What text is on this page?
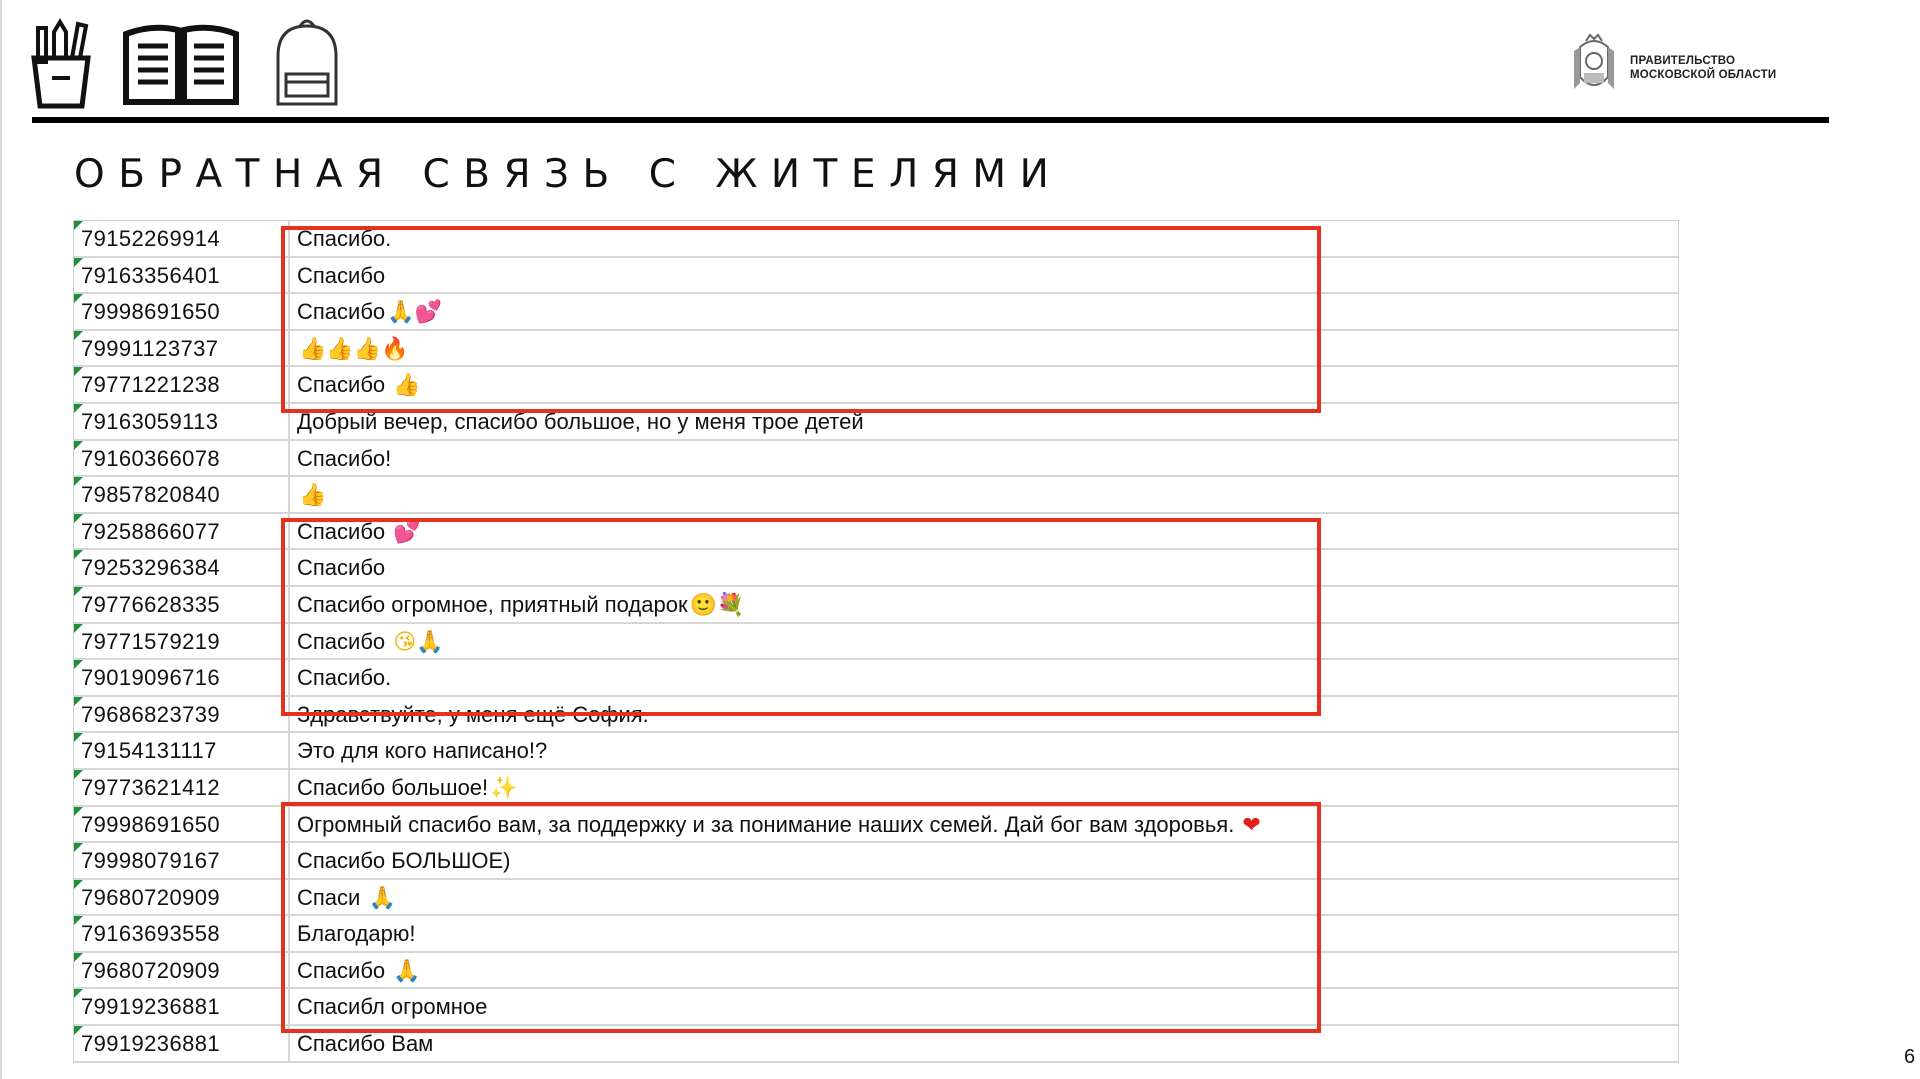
ПРАВИТЕЛЬСТВО
МОСКОВСКОЙ ОБЛАСТИ
ОБРАТНАЯ СВЯЗЬ С ЖИТЕЛЯМИ
79152269914	Спасибо.
79163356401	Спасибо
79998691650	Спасибо🙏💕
79991123737	👍👍👍🔥
79771221238	Спасибо 👍
79163059113	Добрый вечер, спасибо большое, но у меня трое детей
79160366078	Спасибо!
79857820840	👍
79258866077	Спасибо 💕
79253296384	Спасибо
79776628335	Спасибо огромное, приятный подарок🙂💐
79771579219	Спасибо 😘🙏
79019096716	Спасибо.
79686823739	Здравствуйте, у меня ещё София.
79154131117	Это для кого написано!?
79773621412	Спасибо большое!✨
79998691650	Огромный спасибо вам, за поддержку и за понимание наших семей. Дай бог вам здоровья. ❤
79998079167	Спасибо БОЛЬШОЕ)
79680720909	Спаси 🙏
79163693558	Благодарю!
79680720909	Спасибо 🙏
79919236881	Спасибл огромное
79919236881	Спасибо Вам
6
